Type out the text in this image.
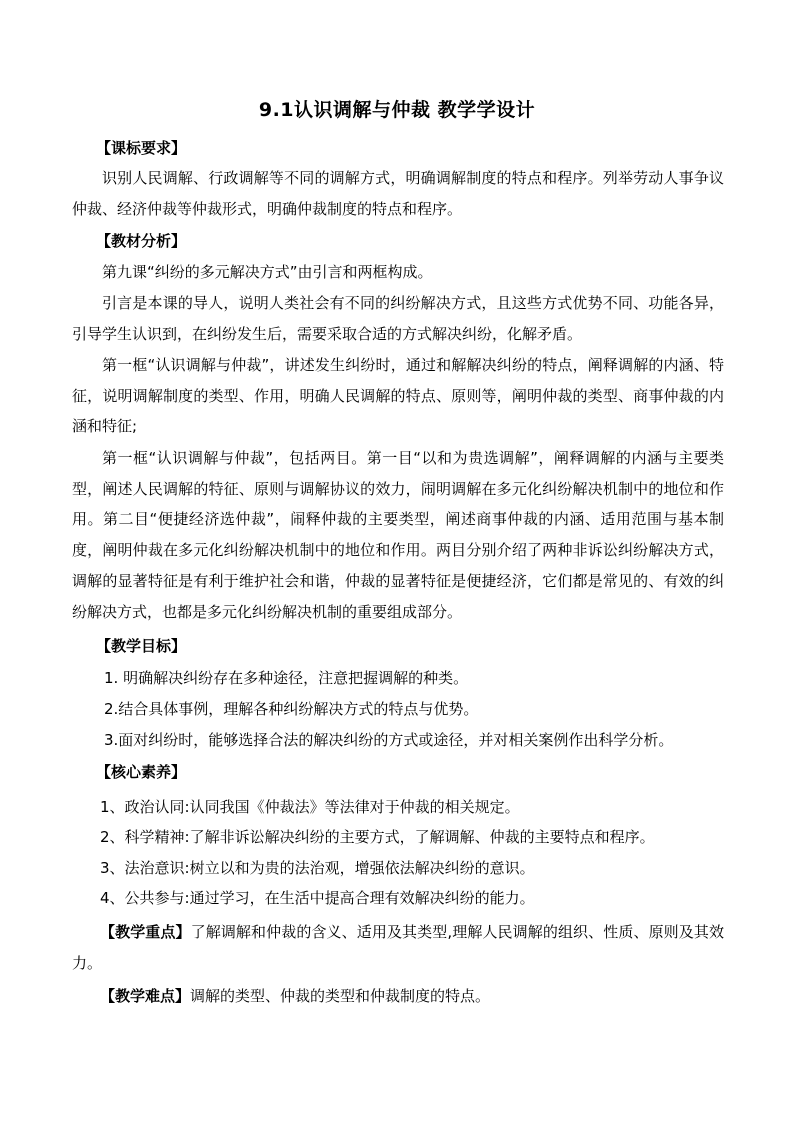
9.1认识调解与仲裁 教学学设计
【课标要求】
识别人民调解、行政调解等不同的调解方式，明确调解制度的特点和程序。列举劳动人事争议仲裁、经济仲裁等仲裁形式，明确仲裁制度的特点和程序。
【教材分析】
第九课“纠纷的多元解决方式”由引言和两框构成。
引言是本课的导人，说明人类社会有不同的纠纷解决方式，且这些方式优势不同、功能各异，引导学生认识到，在纠纷发生后，需要采取合适的方式解决纠纷，化解矛盾。
第一框“认识调解与仲裁”，讲述发生纠纷时，通过和解解决纠纷的特点，阐释调解的内涵、特征，说明调解制度的类型、作用，明确人民调解的特点、原则等，阐明仲裁的类型、商事仲裁的内涵和特征;
第一框“认识调解与仲裁”，包括两目。第一目“以和为贵选调解”，阐释调解的内涵与主要类型，阐述人民调解的特征、原则与调解协议的效力，闹明调解在多元化纠纷解决机制中的地位和作用。第二目“便捷经济选仲裁”，闹释仲裁的主要类型，阐述商事仲裁的内涵、适用范围与基本制度，阐明仲裁在多元化纠纷解决机制中的地位和作用。两目分别介绍了两种非诉讼纠纷解决方式，调解的显著特征是有利于维护社会和谐，仲裁的显著特征是便捷经济，它们都是常见的、有效的纠纷解决方式，也都是多元化纠纷解决机制的重要组成部分。
【教学目标】
1. 明确解决纠纷存在多种途径，注意把握调解的种类。
2.结合具体事例，理解各种纠纷解决方式的特点与优势。
3.面对纠纷时，能够选择合法的解决纠纷的方式或途径，并对相关案例作出科学分析。
【核心素养】
1、政治认同:认同我国《仲裁法》等法律对于仲裁的相关规定。
2、科学精神:了解非诉讼解决纠纷的主要方式，了解调解、仲裁的主要特点和程序。
3、法治意识:树立以和为贵的法治观，增强依法解决纠纷的意识。
4、公共参与:通过学习，在生活中提高合理有效解决纠纷的能力。
【教学重点】了解调解和仲裁的含义、适用及其类型,理解人民调解的组织、性质、原则及其效力。
【教学难点】调解的类型、仲裁的类型和仲裁制度的特点。
